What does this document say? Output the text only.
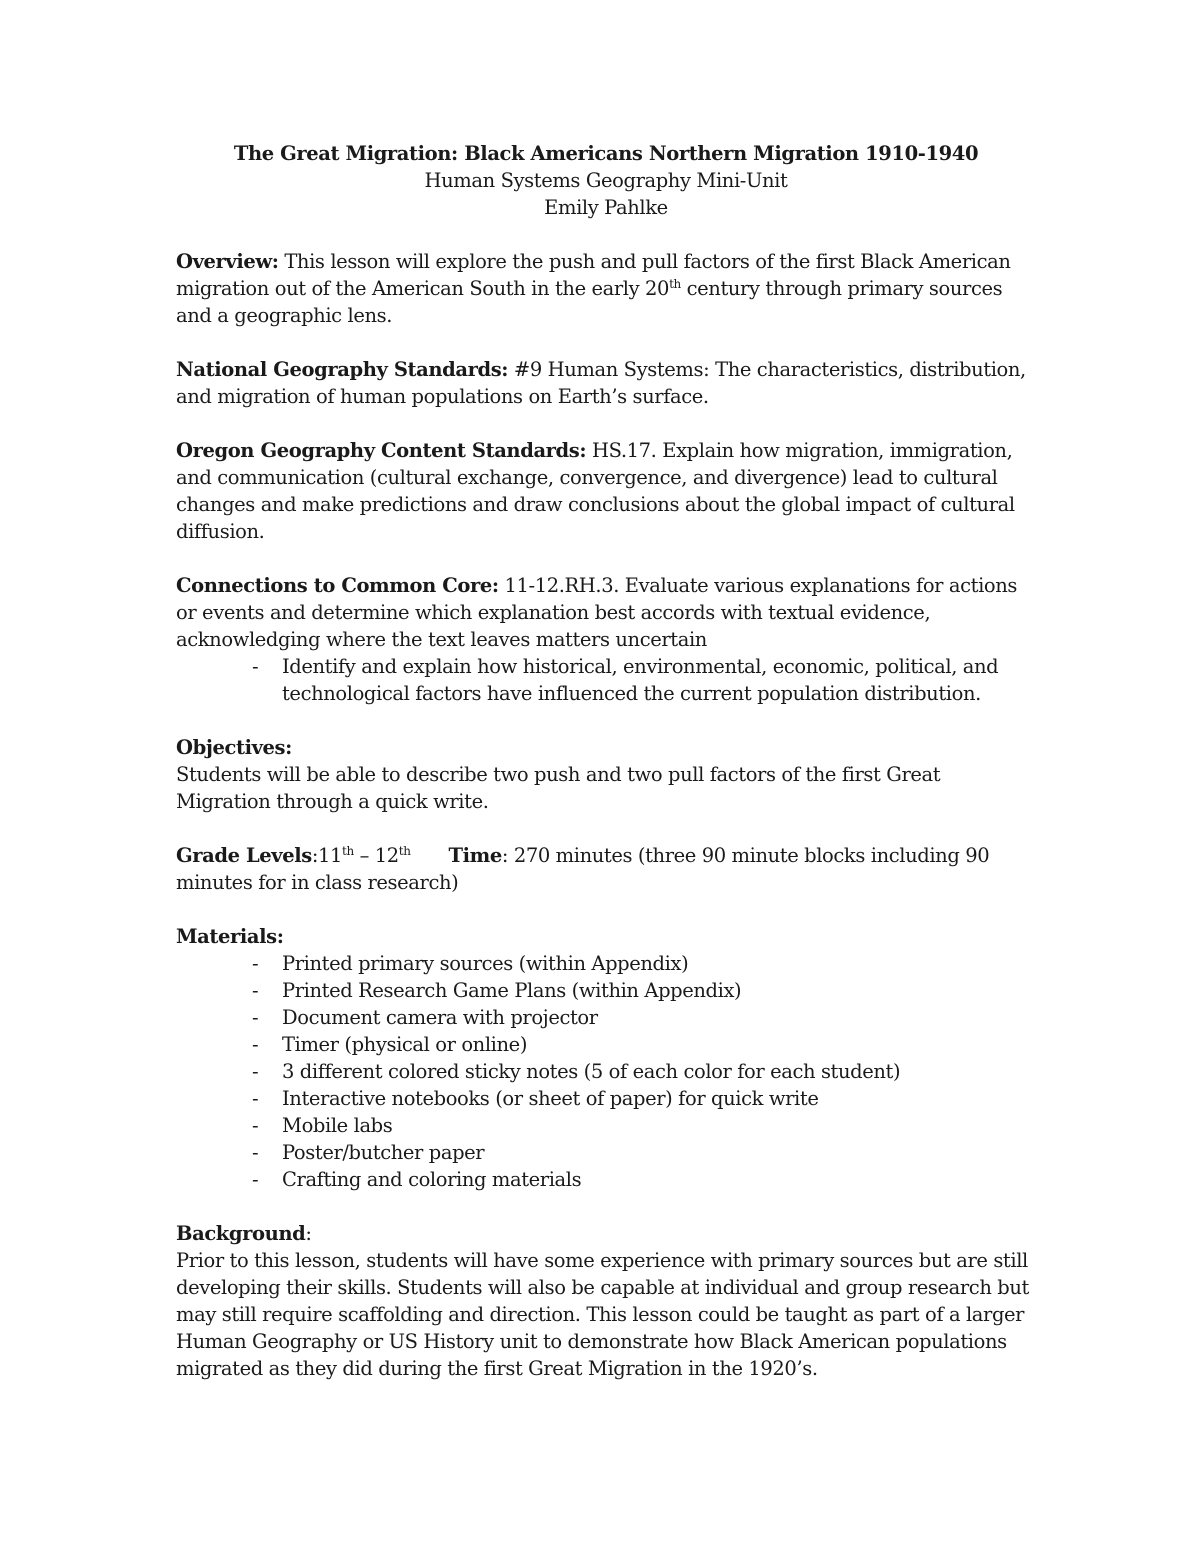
The Great Migration: Black Americans Northern Migration 1910-1940
Human Systems Geography Mini-Unit
Emily Pahlke
Overview: This lesson will explore the push and pull factors of the first Black American migration out of the American South in the early 20th century through primary sources and a geographic lens.
National Geography Standards: #9 Human Systems: The characteristics, distribution, and migration of human populations on Earth’s surface.
Oregon Geography Content Standards: HS.17. Explain how migration, immigration, and communication (cultural exchange, convergence, and divergence) lead to cultural changes and make predictions and draw conclusions about the global impact of cultural diffusion.
Connections to Common Core: 11-12.RH.3. Evaluate various explanations for actions or events and determine which explanation best accords with textual evidence, acknowledging where the text leaves matters uncertain
- Identify and explain how historical, environmental, economic, political, and technological factors have influenced the current population distribution.
Objectives:
Students will be able to describe two push and two pull factors of the first Great Migration through a quick write.
Grade Levels:11th – 12th Time: 270 minutes (three 90 minute blocks including 90 minutes for in class research)
Materials:
- Printed primary sources (within Appendix)
- Printed Research Game Plans (within Appendix)
- Document camera with projector
- Timer (physical or online)
- 3 different colored sticky notes (5 of each color for each student)
- Interactive notebooks (or sheet of paper) for quick write
- Mobile labs
- Poster/butcher paper
- Crafting and coloring materials
Background:
Prior to this lesson, students will have some experience with primary sources but are still developing their skills. Students will also be capable at individual and group research but may still require scaffolding and direction. This lesson could be taught as part of a larger Human Geography or US History unit to demonstrate how Black American populations migrated as they did during the first Great Migration in the 1920’s.
